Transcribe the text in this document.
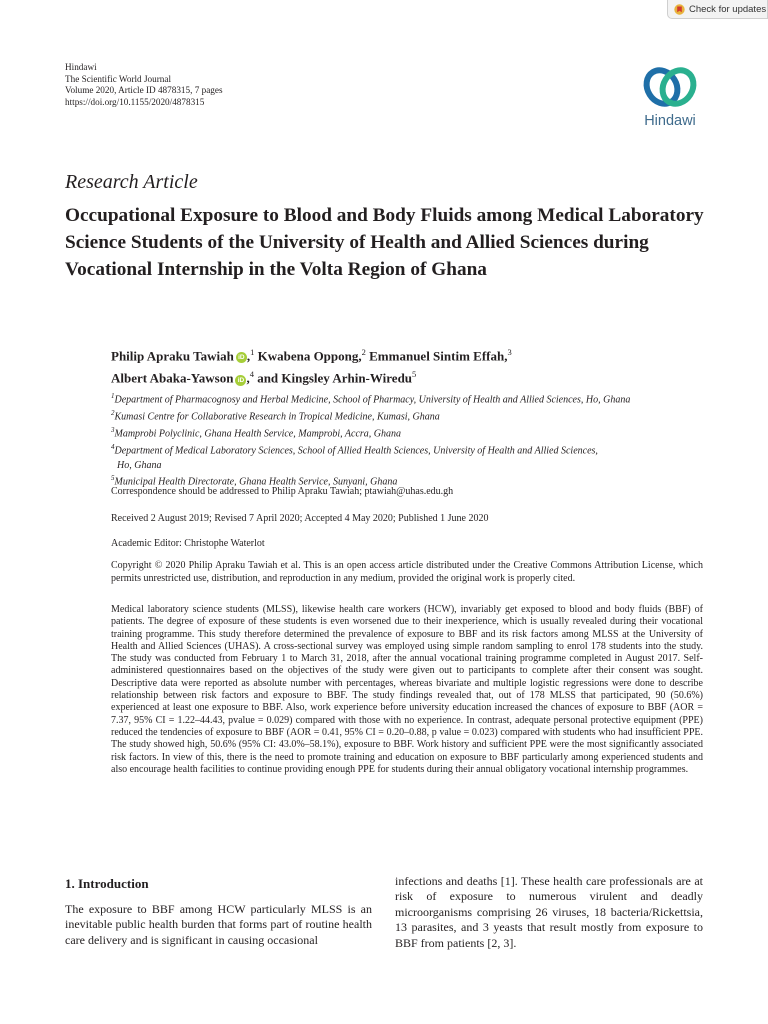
Check for updates
Hindawi
The Scientific World Journal
Volume 2020, Article ID 4878315, 7 pages
https://doi.org/10.1155/2020/4878315
Hindawi
Research Article
Occupational Exposure to Blood and Body Fluids among Medical Laboratory Science Students of the University of Health and Allied Sciences during Vocational Internship in the Volta Region of Ghana
Philip Apraku Tawiah iD ,$^1$ Kwabena Oppong,$^2$ Emmanuel Sintim Effah,$^3$
Albert Abaka-Yawson iD ,$^4$ and Kingsley Arhin-Wiredu$^5$
$^1$Department of Pharmacognosy and Herbal Medicine, School of Pharmacy, University of Health and Allied Sciences, Ho, Ghana
$^2$Kumasi Centre for Collaborative Research in Tropical Medicine, Kumasi, Ghana
$^3$Mamprobi Polyclinic, Ghana Health Service, Mamprobi, Accra, Ghana
$^4$Department of Medical Laboratory Sciences, School of Allied Health Sciences, University of Health and Allied Sciences,
Ho, Ghana
$^5$Municipal Health Directorate, Ghana Health Service, Sunyani, Ghana
Correspondence should be addressed to Philip Apraku Tawiah; ptawiah@uhas.edu.gh
Received 2 August 2019; Revised 7 April 2020; Accepted 4 May 2020; Published 1 June 2020
Academic Editor: Christophe Waterlot
Copyright © 2020 Philip Apraku Tawiah et al. This is an open access article distributed under the Creative Commons Attribution License, which permits unrestricted use, distribution, and reproduction in any medium, provided the original work is properly cited.

Medical laboratory science students (MLSS), likewise health care workers (HCW), invariably get exposed to blood and body fluids (BBF) of patients. The degree of exposure of these students is even worsened due to their inexperience, which is usually revealed during their vocational training programme. This study therefore determined the prevalence of exposure to BBF and its risk factors among MLSS at the University of Health and Allied Sciences (UHAS). A cross-sectional survey was employed using simple random sampling to enrol 178 students into the study. The study was conducted from February 1 to March 31, 2018, after the annual vocational training programme completed in August 2017. Self-administered questionnaires based on the objectives of the study were given out to participants to complete after their consent was sought. Descriptive data were reported as absolute number with percentages, whereas bivariate and multiple logistic regressions were done to describe relationship between risk factors and exposure to BBF. The study findings revealed that, out of 178 MLSS that participated, 90 (50.6%) experienced at least one exposure to BBF. Also, work experience before university education increased the chances of exposure to BBF (AOR = 7.37, 95% CI = 1.22–44.43, pvalue = 0.029) compared with those with no experience. In contrast, adequate personal protective equipment (PPE) reduced the tendencies of exposure to BBF (AOR = 0.41, 95% CI = 0.20–0.88, p value = 0.023) compared with students who had insufficient PPE. The study showed high, 50.6% (95% CI: 43.0%–58.1%), exposure to BBF. Work history and sufficient PPE were the most significantly associated risk factors. In view of this, there is the need to promote training and education on exposure to BBF particularly among experienced students and also encourage health facilities to continue providing enough PPE for students during their annual obligatory vocational internship programmes.

1. Introduction

The exposure to BBF among HCW particularly MLSS is an inevitable public health burden that forms part of routine health care delivery and is significant in causing occasional

infections and deaths [1]. These health care professionals are at risk of exposure to numerous virulent and deadly microorganisms comprising 26 viruses, 18 bacteria/Rickettsia, 13 parasites, and 3 yeasts that result mostly from exposure to BBF from patients [2, 3].
